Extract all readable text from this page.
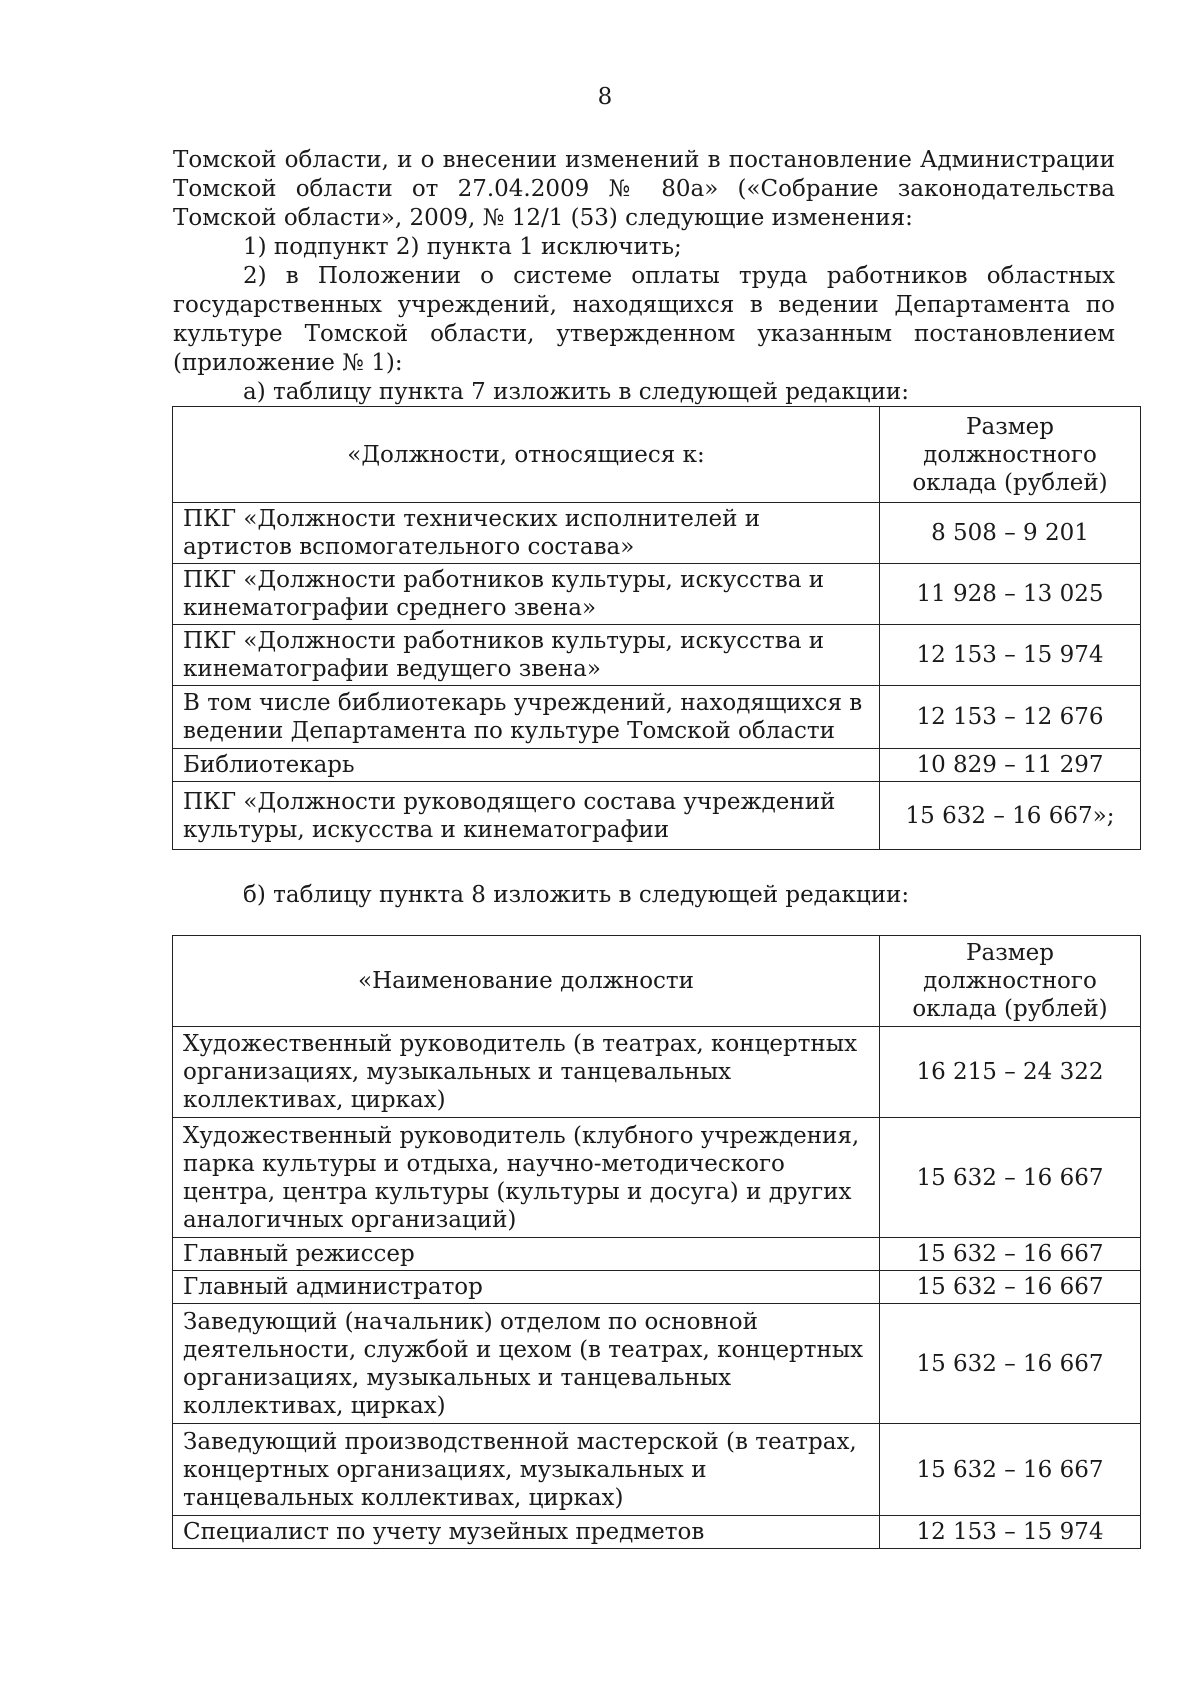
8

Томской области, и о внесении изменений в постановление Администрации Томской области от 27.04.2009 № 80а» («Собрание законодательства Томской области», 2009, № 12/1 (53) следующие изменения:

1) подпункт 2) пункта 1 исключить;

2) в Положении о системе оплаты труда работников областных государственных учреждений, находящихся в ведении Департамента по культуре Томской области, утвержденном указанным постановлением (приложение № 1):

а) таблицу пункта 7 изложить в следующей редакции:

«Должности, относящиеся к:	Размер должностного оклада (рублей)
ПКГ «Должности технических исполнителей и артистов вспомогательного состава»	8 508 – 9 201
ПКГ «Должности работников культуры, искусства и кинематографии среднего звена»	11 928 – 13 025
ПКГ «Должности работников культуры, искусства и кинематографии ведущего звена»	12 153 – 15 974
В том числе библиотекарь учреждений, находящихся в ведении Департамента по культуре Томской области	12 153 – 12 676
Библиотекарь	10 829 – 11 297
ПКГ «Должности руководящего состава учреждений культуры, искусства и кинематографии	15 632 – 16 667»;

б) таблицу пункта 8 изложить в следующей редакции:

«Наименование должности	Размер должностного оклада (рублей)
Художественный руководитель (в театрах, концертных организациях, музыкальных и танцевальных коллективах, цирках)	16 215 – 24 322
Художественный руководитель (клубного учреждения, парка культуры и отдыха, научно-методического центра, центра культуры (культуры и досуга) и других аналогичных организаций)	15 632 – 16 667
Главный режиссер	15 632 – 16 667
Главный администратор	15 632 – 16 667
Заведующий (начальник) отделом по основной деятельности, службой и цехом (в театрах, концертных организациях, музыкальных и танцевальных коллективах, цирках)	15 632 – 16 667
Заведующий производственной мастерской (в театрах, концертных организациях, музыкальных и танцевальных коллективах, цирках)	15 632 – 16 667
Специалист по учету музейных предметов	12 153 – 15 974
